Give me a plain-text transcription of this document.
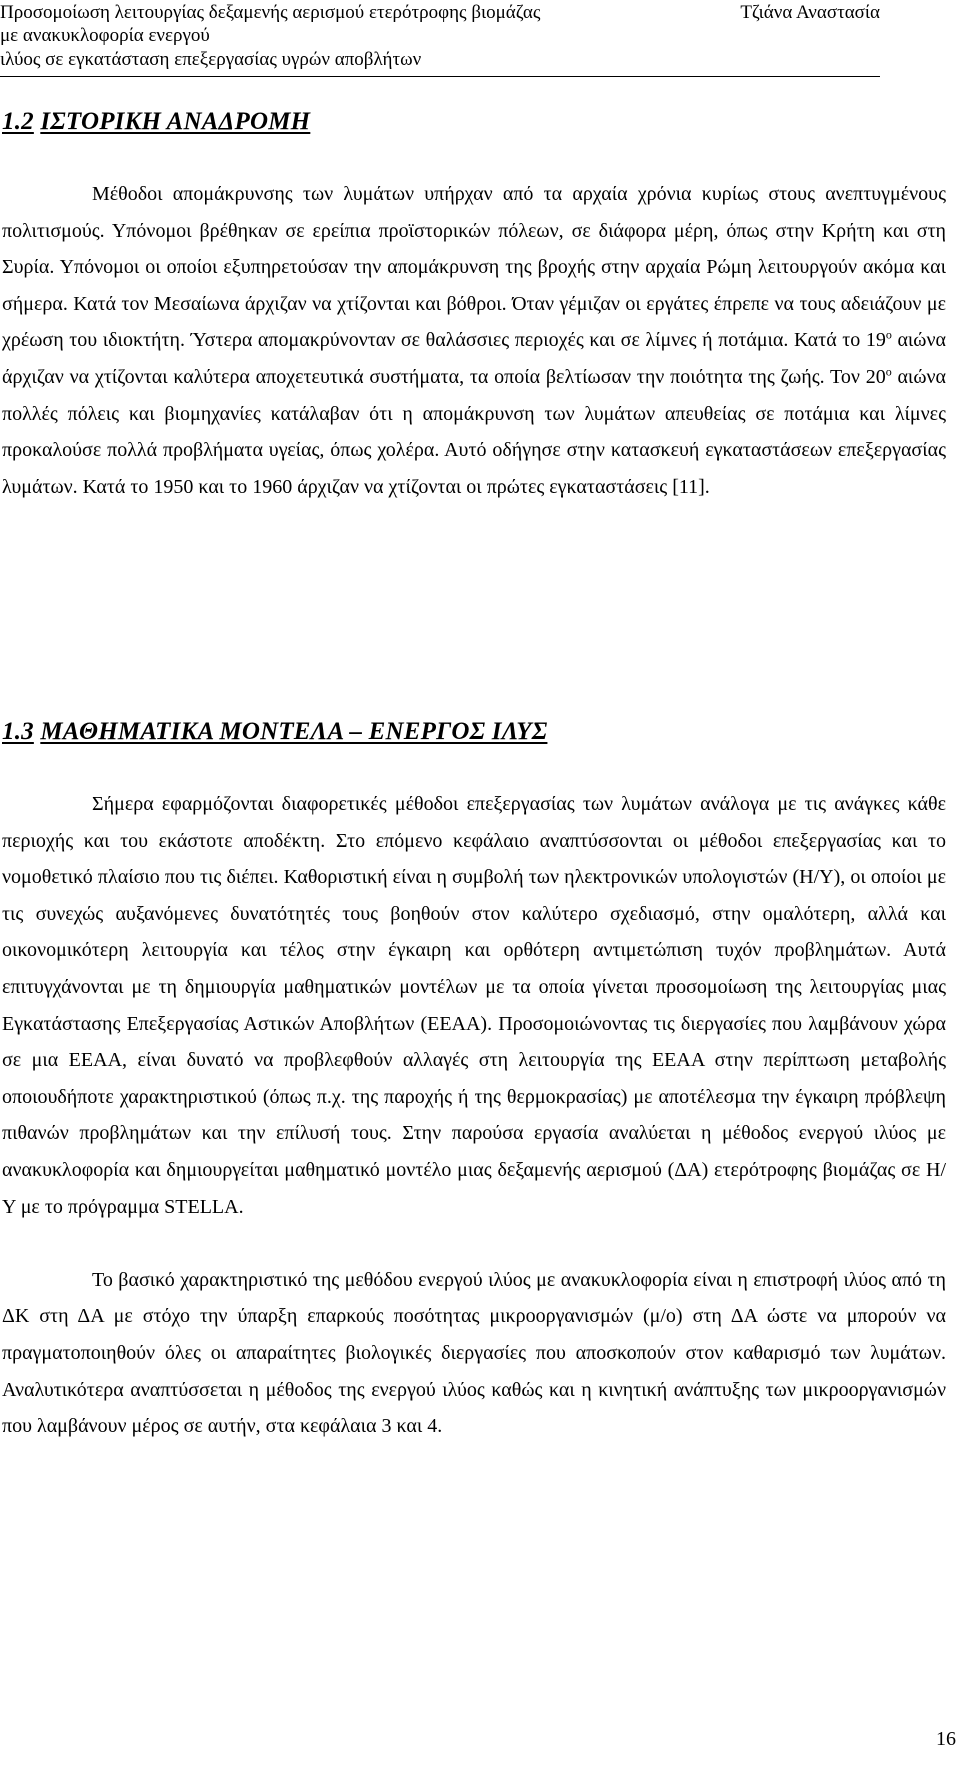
Προσομοίωση λειτουργίας δεξαμενής αερισμού ετερότροφης βιομάζας	Τζιάνα Αναστασία
με ανακυκλοφορία ενεργού
ιλύος σε εγκατάσταση επεξεργασίας υγρών αποβλήτων
1.2 ΙΣΤΟΡΙΚΗ ΑΝΑΔΡΟΜΗ

Μέθοδοι απομάκρυνσης των λυμάτων υπήρχαν από τα αρχαία χρόνια κυρίως στους ανεπτυγμένους πολιτισμούς. Υπόνομοι βρέθηκαν σε ερείπια προϊστορικών πόλεων, σε διάφορα μέρη, όπως στην Κρήτη και στη Συρία. Υπόνομοι οι οποίοι εξυπηρετούσαν την απομάκρυνση της βροχής στην αρχαία Ρώμη λειτουργούν ακόμα και σήμερα. Κατά τον Μεσαίωνα άρχιζαν να χτίζονται και βόθροι. Όταν γέμιζαν οι εργάτες έπρεπε να τους αδειάζουν με χρέωση του ιδιοκτήτη. Ύστερα απομακρύνονταν σε θαλάσσιες περιοχές και σε λίμνες ή ποτάμια. Κατά το $19^o$ αιώνα άρχιζαν να χτίζονται καλύτερα αποχετευτικά συστήματα, τα οποία βελτίωσαν την ποιότητα της ζωής. Τον $20^o$ αιώνα πολλές πόλεις και βιομηχανίες κατάλαβαν ότι η απομάκρυνση των λυμάτων απευθείας σε ποτάμια και λίμνες προκαλούσε πολλά προβλήματα υγείας, όπως χολέρα. Αυτό οδήγησε στην κατασκευή εγκαταστάσεων επεξεργασίας λυμάτων. Κατά το 1950 και το 1960 άρχιζαν να χτίζονται οι πρώτες εγκαταστάσεις [11].

1.3 ΜΑΘΗΜΑΤΙΚΑ ΜΟΝΤΕΛΑ – ΕΝΕΡΓΟΣ ΙΛΥΣ

Σήμερα εφαρμόζονται διαφορετικές μέθοδοι επεξεργασίας των λυμάτων ανάλογα με τις ανάγκες κάθε περιοχής και του εκάστοτε αποδέκτη. Στο επόμενο κεφάλαιο αναπτύσσονται οι μέθοδοι επεξεργασίας και το νομοθετικό πλαίσιο που τις διέπει. Καθοριστική είναι η συμβολή των ηλεκτρονικών υπολογιστών (Η/Υ), οι οποίοι με τις συνεχώς αυξανόμενες δυνατότητές τους βοηθούν στον καλύτερο σχεδιασμό, στην ομαλότερη, αλλά και οικονομικότερη λειτουργία και τέλος στην έγκαιρη και ορθότερη αντιμετώπιση τυχόν προβλημάτων. Αυτά επιτυγχάνονται με τη δημιουργία μαθηματικών μοντέλων με τα οποία γίνεται προσομοίωση της λειτουργίας μιας Εγκατάστασης Επεξεργασίας Αστικών Αποβλήτων (ΕΕΑΑ). Προσομοιώνοντας τις διεργασίες που λαμβάνουν χώρα σε μια ΕΕΑΑ, είναι δυνατό να προβλεφθούν αλλαγές στη λειτουργία της ΕΕΑΑ στην περίπτωση μεταβολής οποιουδήποτε χαρακτηριστικού (όπως π.χ. της παροχής ή της θερμοκρασίας) με αποτέλεσμα την έγκαιρη πρόβλεψη πιθανών προβλημάτων και την επίλυσή τους. Στην παρούσα εργασία αναλύεται η μέθοδος ενεργού ιλύος με ανακυκλοφορία και δημιουργείται μαθηματικό μοντέλο μιας δεξαμενής αερισμού (ΔΑ) ετερότροφης βιομάζας σε Η/Υ με το πρόγραμμα STELLA.

Το βασικό χαρακτηριστικό της μεθόδου ενεργού ιλύος με ανακυκλοφορία είναι η επιστροφή ιλύος από τη ΔΚ στη ΔΑ με στόχο την ύπαρξη επαρκούς ποσότητας μικροοργανισμών (μ/ο) στη ΔΑ ώστε να μπορούν να πραγματοποιηθούν όλες οι απαραίτητες βιολογικές διεργασίες που αποσκοπούν στον καθαρισμό των λυμάτων. Αναλυτικότερα αναπτύσσεται η μέθοδος της ενεργού ιλύος καθώς και η κινητική ανάπτυξης των μικροοργανισμών που λαμβάνουν μέρος σε αυτήν, στα κεφάλαια 3 και 4.

16
